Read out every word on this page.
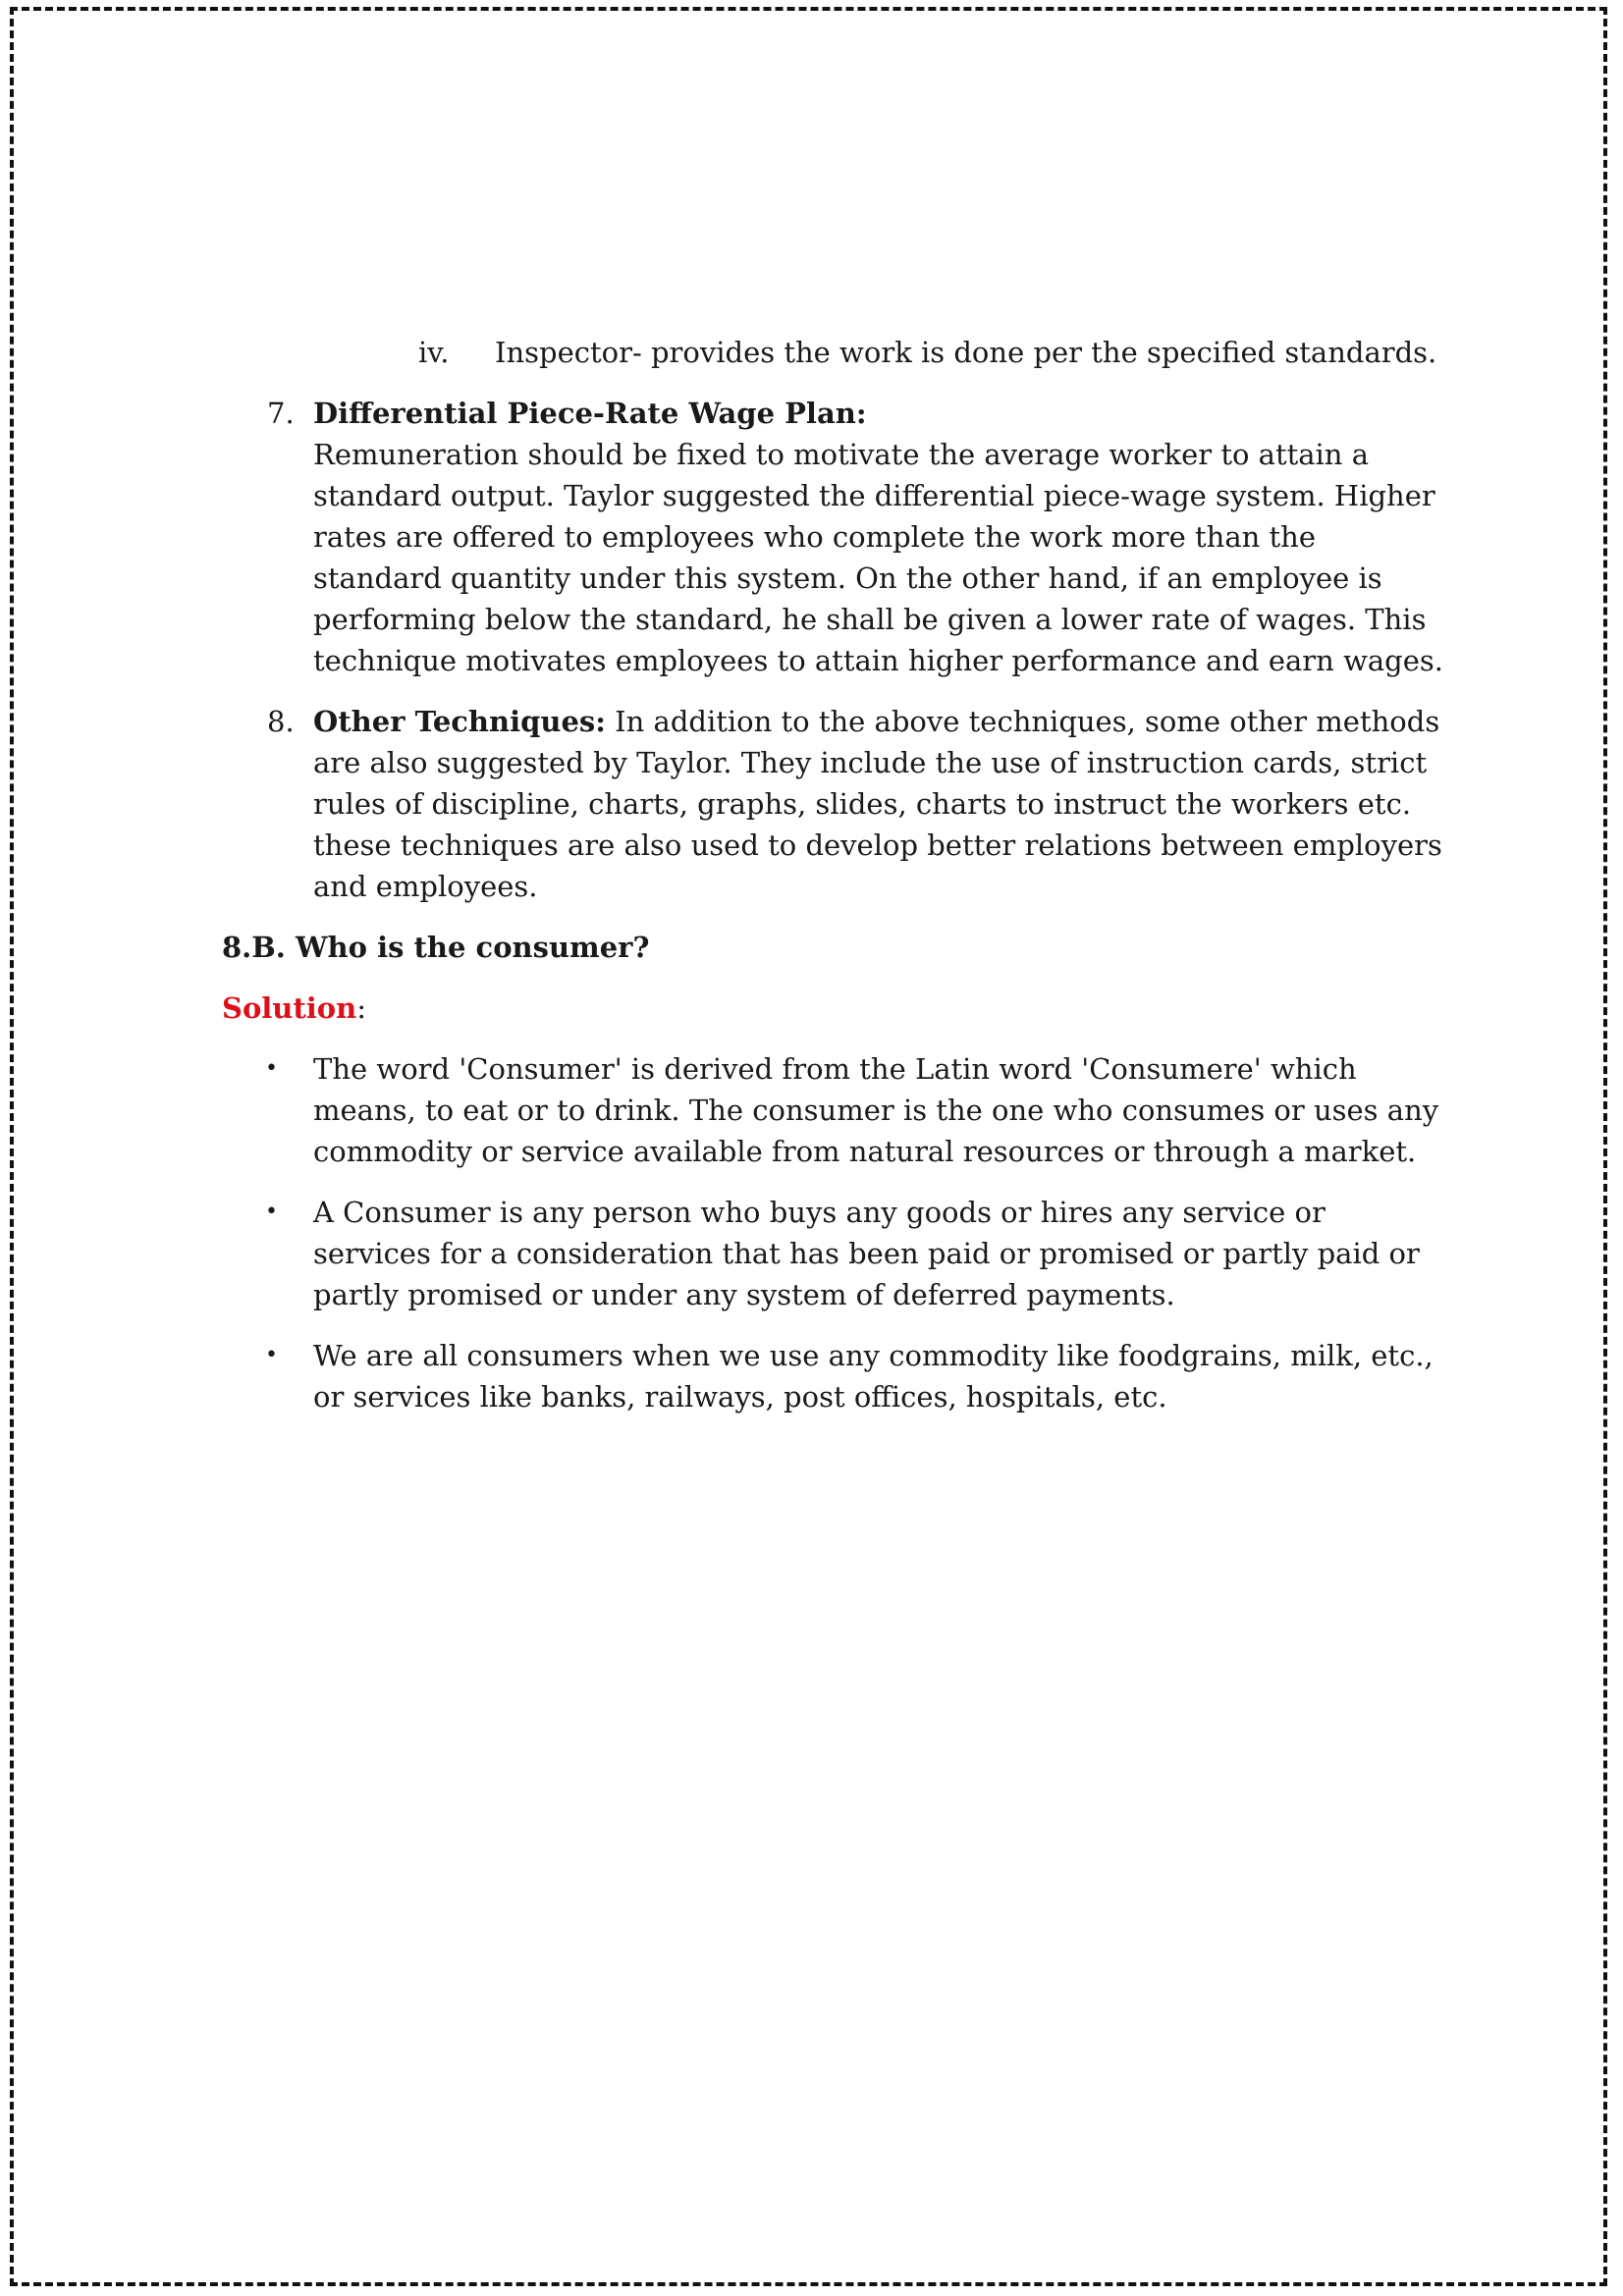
iv. Inspector- provides the work is done per the specified standards.
7. Differential Piece-Rate Wage Plan:
Remuneration should be fixed to motivate the average worker to attain a
standard output. Taylor suggested the differential piece-wage system. Higher
rates are offered to employees who complete the work more than the
standard quantity under this system. On the other hand, if an employee is
performing below the standard, he shall be given a lower rate of wages. This
technique motivates employees to attain higher performance and earn wages.
8. Other Techniques: In addition to the above techniques, some other methods
are also suggested by Taylor. They include the use of instruction cards, strict
rules of discipline, charts, graphs, slides, charts to instruct the workers etc.
these techniques are also used to develop better relations between employers
and employees.
8.B. Who is the consumer?
Solution:
• The word 'Consumer' is derived from the Latin word 'Consumere' which
means, to eat or to drink. The consumer is the one who consumes or uses any
commodity or service available from natural resources or through a market.
• A Consumer is any person who buys any goods or hires any service or
services for a consideration that has been paid or promised or partly paid or
partly promised or under any system of deferred payments.
• We are all consumers when we use any commodity like foodgrains, milk, etc.,
or services like banks, railways, post offices, hospitals, etc.
